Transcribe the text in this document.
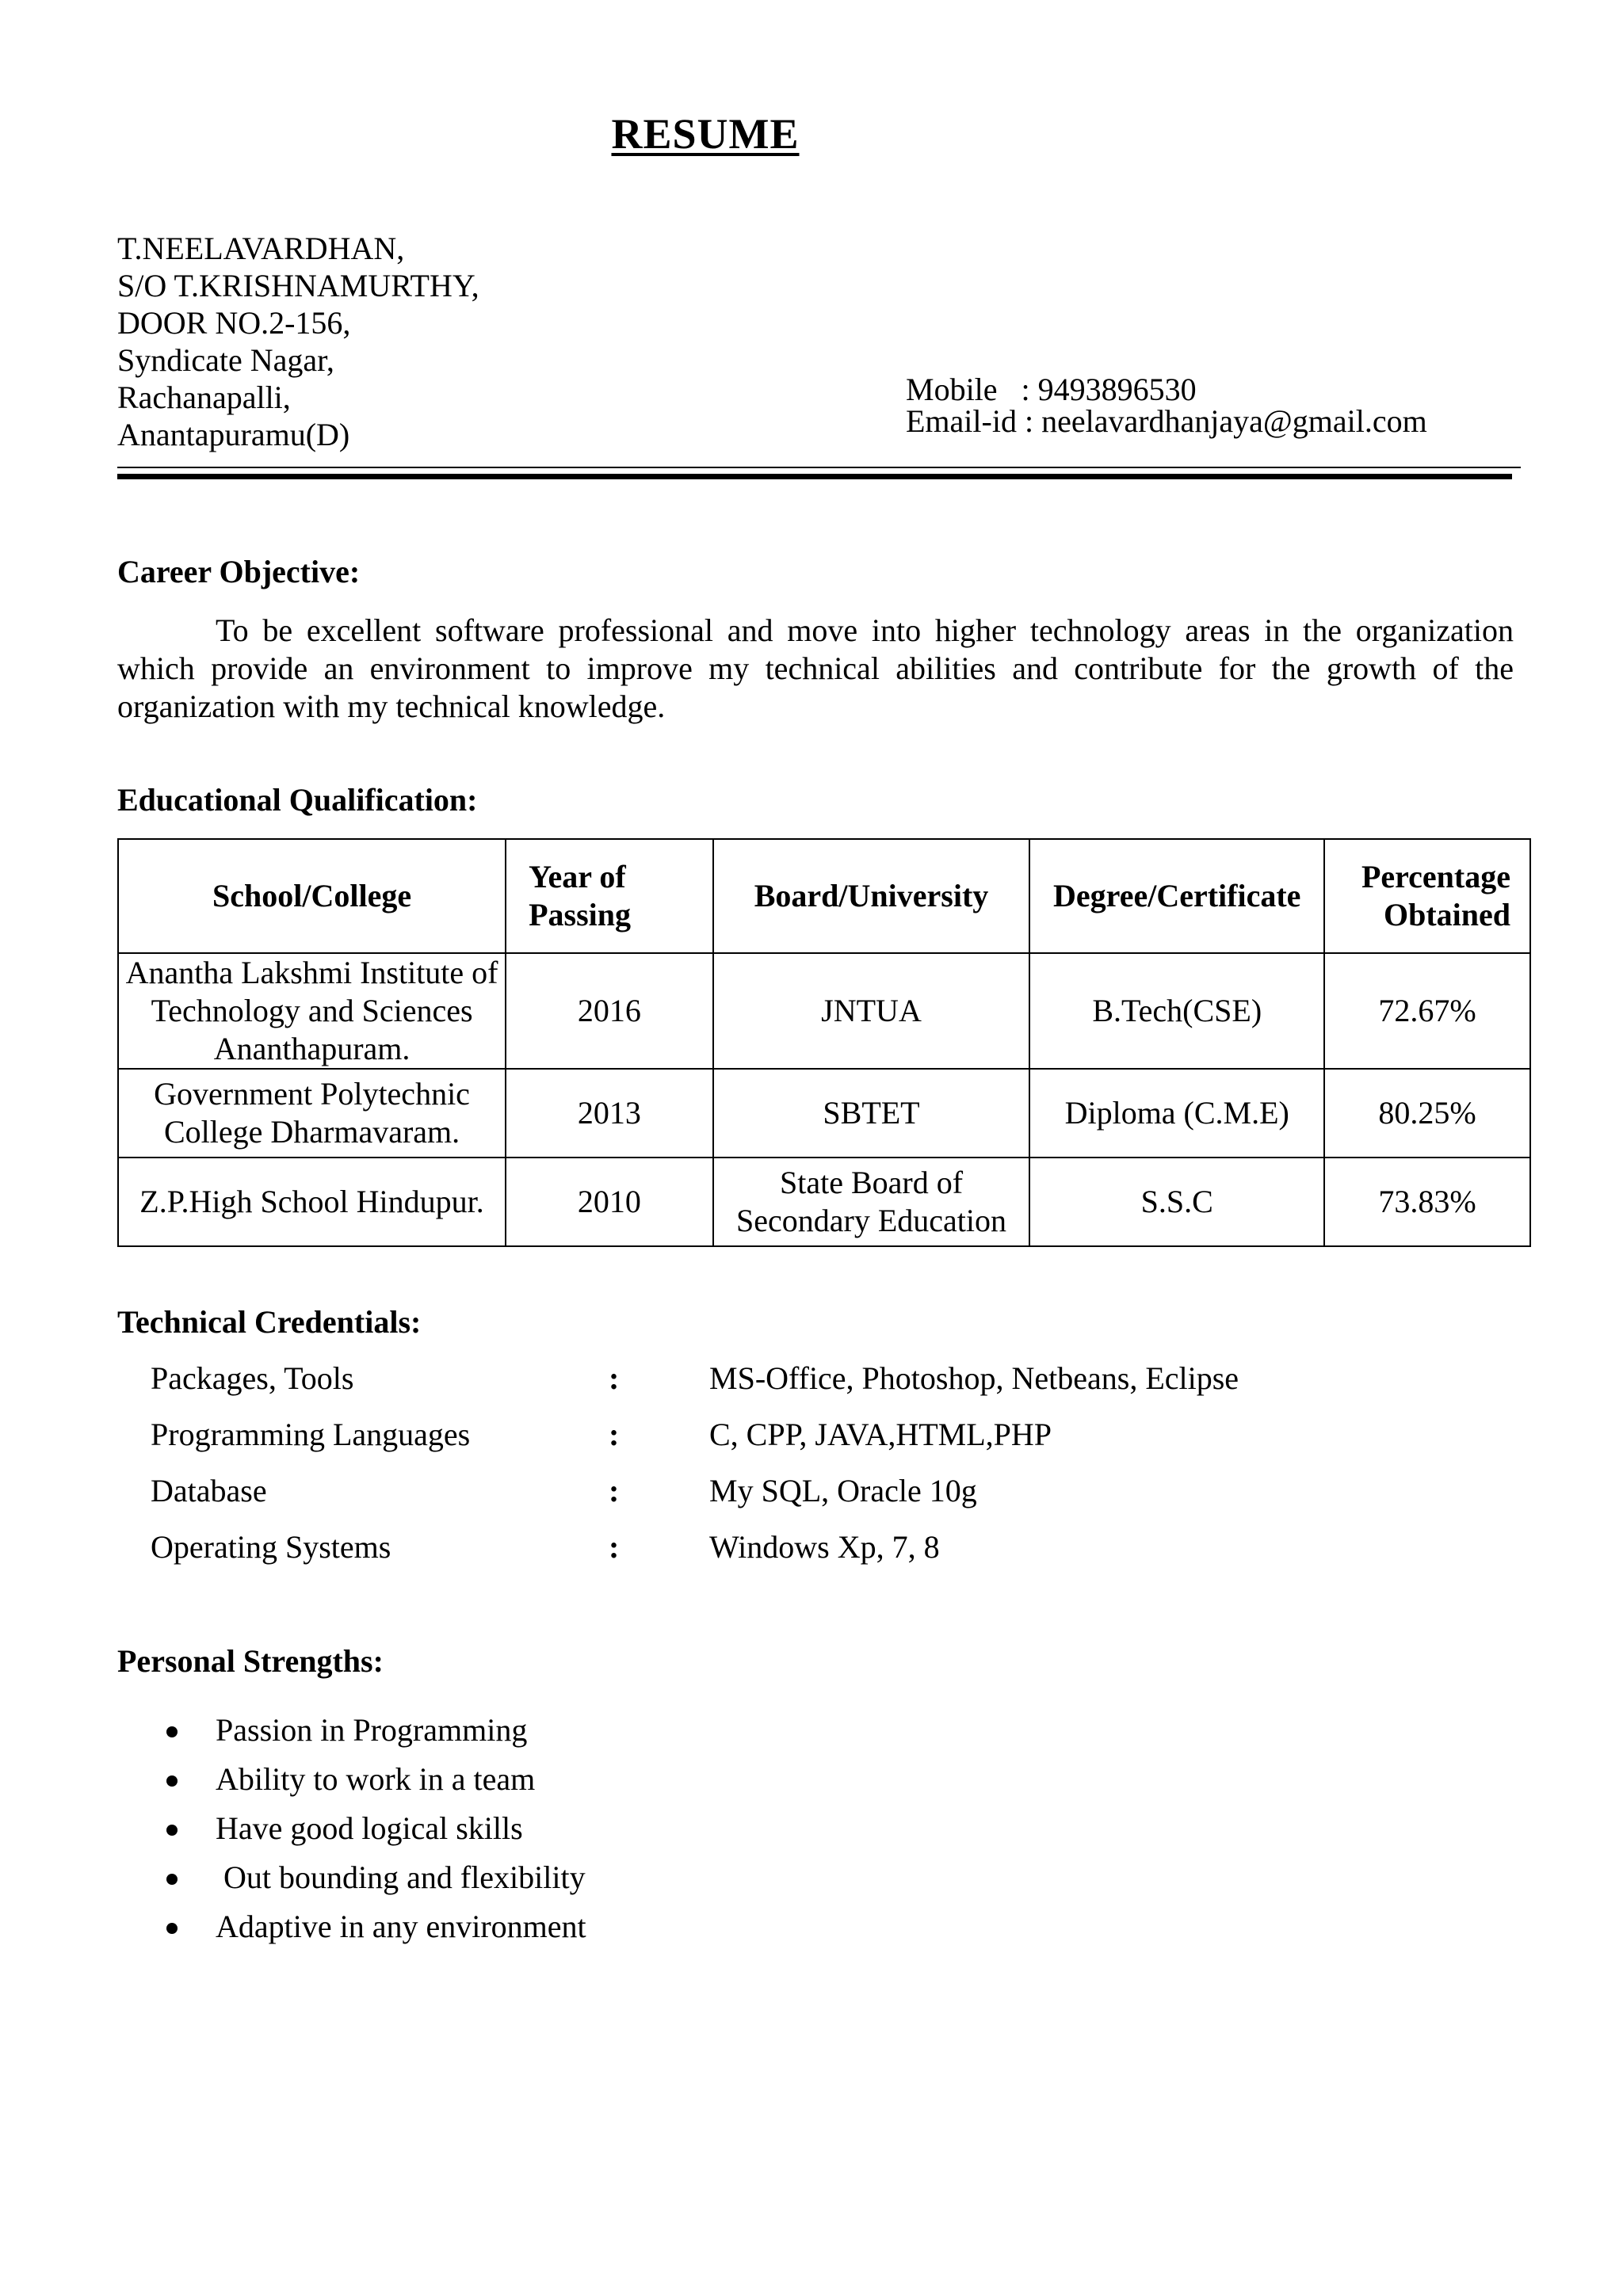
RESUME
T.NEELAVARDHAN,
S/O T.KRISHNAMURTHY,
DOOR NO.2-156,
Syndicate Nagar,
Rachanapalli,
Anantapuramu(D)
Mobile   : 9493896530
Email-id : neelavardhanjaya@gmail.com
Career Objective:
To be excellent software professional and move into higher technology areas in the organization which provide an environment to improve my technical abilities and contribute for the growth of the organization with my technical knowledge.
Educational Qualification:
School/College	Year of Passing	Board/University	Degree/Certificate	Percentage Obtained
Anantha Lakshmi Institute of Technology and Sciences Ananthapuram.	2016	JNTUA	B.Tech(CSE)	72.67%
Government Polytechnic College Dharmavaram.	2013	SBTET	Diploma (C.M.E)	80.25%
Z.P.High School Hindupur.	2010	State Board of Secondary Education	S.S.C	73.83%
Technical Credentials:
Packages, Tools	:	MS-Office, Photoshop, Netbeans, Eclipse
Programming Languages	:	C, CPP, JAVA,HTML,PHP
Database	:	My SQL, Oracle 10g
Operating Systems	:	Windows Xp, 7, 8
Personal Strengths:
Passion in Programming
Ability to work in a team
Have good logical skills
Out bounding and flexibility
Adaptive in any environment
